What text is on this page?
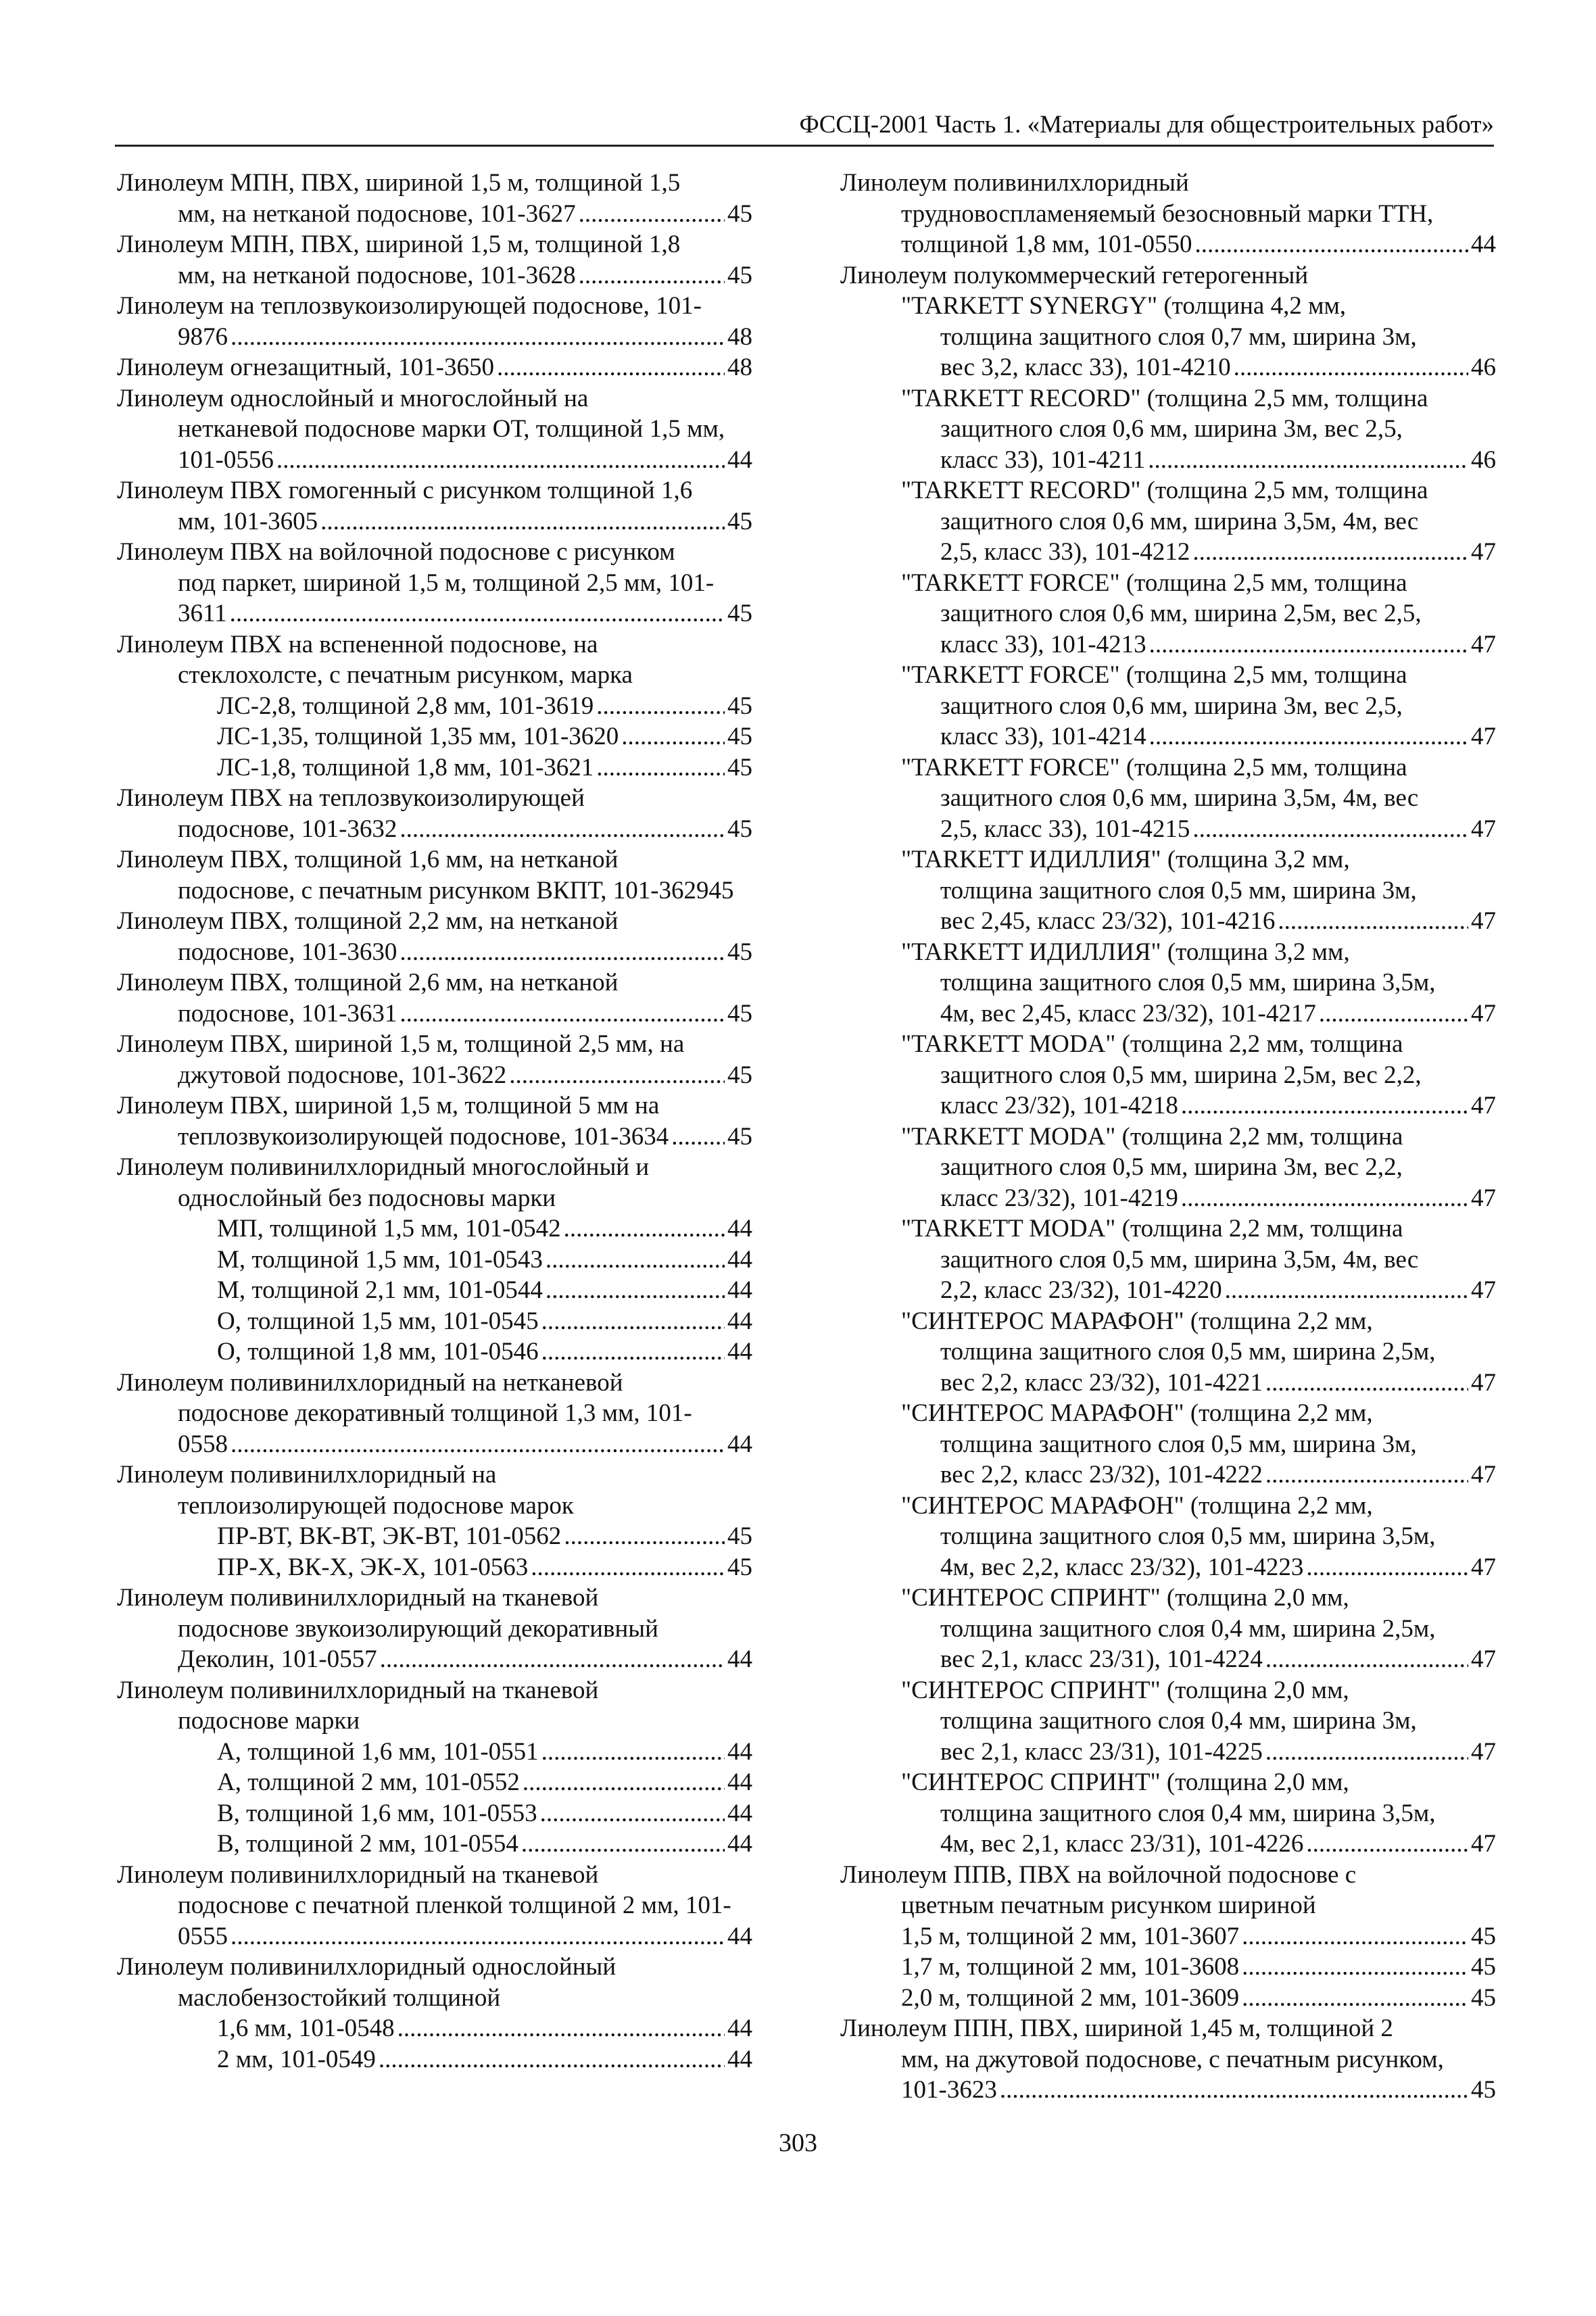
ФССЦ-2001 Часть 1. «Материалы для общестроительных работ»
Линолеум МПН, ПВХ, шириной 1,5 м, толщиной 1,5
мм, на нетканой подоснове, 101-3627 .....	45
Линолеум МПН, ПВХ, шириной 1,5 м, толщиной 1,8
мм, на нетканой подоснове, 101-3628 .....	45
Линолеум на теплозвукоизолирующей подоснове, 101-
9876 .....	48
Линолеум огнезащитный, 101-3650 .....	48
Линолеум однослойный и многослойный на
нетканевой подосновe марки ОТ, толщиной 1,5 мм,
101-0556 .....	44
Линолеум ПВХ гомогенный с рисунком толщиной 1,6
мм, 101-3605 .....	45
Линолеум ПВХ на войлочной подосновe с рисунком
под паркет, шириной 1,5 м, толщиной 2,5 мм, 101-
3611 .....	45
Линолеум ПВХ на вспененной подосновe, на
стеклохолсте, с печатным рисунком, марка
ЛС-2,8, толщиной 2,8 мм, 101-3619 .....	45
ЛС-1,35, толщиной 1,35 мм, 101-3620 .....	45
ЛС-1,8, толщиной 1,8 мм, 101-3621 .....	45
Линолеум ПВХ на теплозвукоизолирующей
подосновe, 101-3632 .....	45
Линолеум ПВХ, толщиной 1,6 мм, на нетканой
подосновe, с печатным рисунком ВКПТ, 101-362945
Линолеум ПВХ, толщиной 2,2 мм, на нетканой
подосновe, 101-3630 .....	45
Линолеум ПВХ, толщиной 2,6 мм, на нетканой
подосновe, 101-3631 .....	45
Линолеум ПВХ, шириной 1,5 м, толщиной 2,5 мм, на
джутовой подосновe, 101-3622 .....	45
Линолеум ПВХ, шириной 1,5 м, толщиной 5 мм на
теплозвукоизолирующей подосновe, 101-3634 ..... 45
Линолеум поливинилхлоридный многослойный и
однослойный без подосновы марки
МП, толщиной 1,5 мм, 101-0542 .....	44
М, толщиной 1,5 мм, 101-0543 .....	44
М, толщиной 2,1 мм, 101-0544 .....	44
О, толщиной 1,5 мм, 101-0545 .....	44
О, толщиной 1,8 мм, 101-0546 .....	44
Линолеум поливинилхлоридный на нетканевой
подосновe декоративный толщиной 1,3 мм, 101-
0558 .....	44
Линолеум поливинилхлоридный на
теплоизолирующей подосновe марок
ПР-ВТ, ВК-ВТ, ЭК-ВТ, 101-0562 .....	45
ПР-Х, ВК-Х, ЭК-Х, 101-0563 .....	45
Линолеум поливинилхлоридный на тканевой
подосновe звукоизолирующий декоративный
Деколин, 101-0557 .....	44
Линолеум поливинилхлоридный на тканевой
подосновe марки
А, толщиной 1,6 мм, 101-0551 .....	44
А, толщиной 2 мм, 101-0552 .....	44
В, толщиной 1,6 мм, 101-0553 .....	44
В, толщиной 2 мм, 101-0554 .....	44
Линолеум поливинилхлоридный на тканевой
подосновe с печатной пленкой толщиной 2 мм, 101-
0555 .....	44
Линолеум поливинилхлоридный однослойный
маслобензостойкий толщиной
1,6 мм, 101-0548 .....	44
2 мм, 101-0549 .....	44
Линолеум поливинилхлоридный
трудновоспламеняемый безосновный марки ТТН,
толщиной 1,8 мм, 101-0550 .....	44
Линолеум полукоммерческий гетерогенный
"TARKETT SYNERGY" (толщина 4,2 мм,
толщина защитного слоя 0,7 мм, ширина 3м,
вес 3,2, класс 33), 101-4210 .....	46
"TARKETT RECORD" (толщина 2,5 мм, толщина
защитного слоя 0,6 мм, ширина 3м, вес 2,5,
класс 33), 101-4211 .....	46
"TARKETT RECORD" (толщина 2,5 мм, толщина
защитного слоя 0,6 мм, ширина 3,5м, 4м, вес
2,5, класс 33), 101-4212 .....	47
"TARKETT FORCE" (толщина 2,5 мм, толщина
защитного слоя 0,6 мм, ширина 2,5м, вес 2,5,
класс 33), 101-4213 .....	47
"TARKETT FORCE" (толщина 2,5 мм, толщина
защитного слоя 0,6 мм, ширина 3м, вес 2,5,
класс 33), 101-4214 .....	47
"TARKETT FORCE" (толщина 2,5 мм, толщина
защитного слоя 0,6 мм, ширина 3,5м, 4м, вес
2,5, класс 33), 101-4215 .....	47
"TARKETT ИДИЛЛИЯ" (толщина 3,2 мм,
толщина защитного слоя 0,5 мм, ширина 3м,
вес 2,45, класс 23/32), 101-4216 .....	47
"TARKETT ИДИЛЛИЯ" (толщина 3,2 мм,
толщина защитного слоя 0,5 мм, ширина 3,5м,
4м, вес 2,45, класс 23/32), 101-4217 .....	47
"TARKETT MODA" (толщина 2,2 мм, толщина
защитного слоя 0,5 мм, ширина 2,5м, вес 2,2,
класс 23/32), 101-4218 .....	47
"TARKETT MODA" (толщина 2,2 мм, толщина
защитного слоя 0,5 мм, ширина 3м, вес 2,2,
класс 23/32), 101-4219 .....	47
"TARKETT MODA" (толщина 2,2 мм, толщина
защитного слоя 0,5 мм, ширина 3,5м, 4м, вес
2,2, класс 23/32), 101-4220 .....	47
"СИНТЕРОС МАРАФОН" (толщина 2,2 мм,
толщина защитного слоя 0,5 мм, ширина 2,5м,
вес 2,2, класс 23/32), 101-4221 .....	47
"СИНТЕРОС МАРАФОН" (толщина 2,2 мм,
толщина защитного слоя 0,5 мм, ширина 3м,
вес 2,2, класс 23/32), 101-4222 .....	47
"СИНТЕРОС МАРАФОН" (толщина 2,2 мм,
толщина защитного слоя 0,5 мм, ширина 3,5м,
4м, вес 2,2, класс 23/32), 101-4223 .....	47
"СИНТЕРОС СПРИНТ" (толщина 2,0 мм,
толщина защитного слоя 0,4 мм, ширина 2,5м,
вес 2,1, класс 23/31), 101-4224 .....	47
"СИНТЕРОС СПРИНТ" (толщина 2,0 мм,
толщина защитного слоя 0,4 мм, ширина 3м,
вес 2,1, класс 23/31), 101-4225 .....	47
"СИНТЕРОС СПРИНТ" (толщина 2,0 мм,
толщина защитного слоя 0,4 мм, ширина 3,5м,
4м, вес 2,1, класс 23/31), 101-4226 .....	47
Линолеум ППВ, ПВХ на войлочной подосновe с
цветным печатным рисунком шириной
1,5 м, толщиной 2 мм, 101-3607 .....	45
1,7 м, толщиной 2 мм, 101-3608 .....	45
2,0 м, толщиной 2 мм, 101-3609 .....	45
Линолеум ППН, ПВХ, шириной 1,45 м, толщиной 2
мм, на джутовой подосновe, с печатным рисунком,
101-3623 .....	45
303
